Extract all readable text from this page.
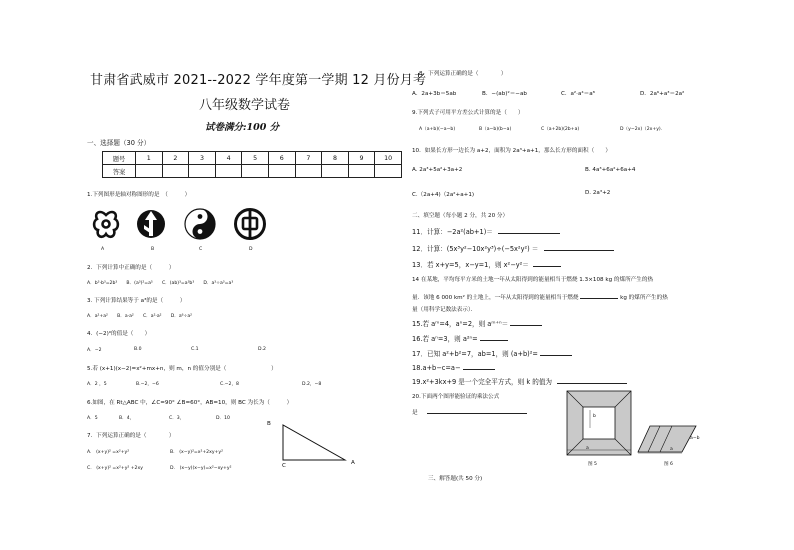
甘肃省武威市 2021--2022 学年度第一学期 12 月份月考
八年级数学试卷
试卷满分:100 分
一、选择题（30 分）
题号	1	2	3	4	5	6	7	8	9	10
答案										
1.下列图形是轴对称图形的是　（　　　）
A	B	C	D
2．下列计算中正确的是（　　　）
A．b³·b³=2b³　　B．(a³)²=a⁵　　C．(ab)³=a³b³　　D．a³÷a³=a³
3. 下列计算结果等于 a³的是（　　　）
A．a²+a²　　B．a·a²　　C．a²·a²　　D．a⁶÷a²
4．(−2)⁰的值是（　　）
A．−2	B.0	C.1	D.2
5.若 (x+1)(x−2)=x²+mx+n，则 m，n 的值分别是（　　　　　　　　）
A．2 ，5	B.−2，−6	C.−2，8	D.2，−8
6.如图，在 Rt△ABC 中，∠C=90° ∠B=60°，AB=10，则 BC 为长为（　　　）
A．5	B．4，	C．3，	D．10
7．下列运算正确的是（　　　　）
A.　(x+y)² =x²+y²	B.　(x−y)²=x²+2xy+y²
C.　(x+y)² =x²+y² +2xy	D.　(x−y)(x−y)=x²−xy+y²
B
C	A
8．下列运算正确的是（　　　　）
A．2a+3b＝5ab	B．−(ab)²＝−ab	C．a²·a⁴＝a⁸	D．2a⁶+a³＝2a²
9.下列式子可用平方差公式计算的是（　　）
A（a+b)(−a−b)	B（a−b)(b−a)	C（a+2b)(2b+a)	D（y−2x)（2x+y).
10．如果长方形一边长为 a+2，面积为 2a³+a+1，那么长方形的面积（　　）
A. 2a³+5a²+3a+2	B. 4a³+6a²+6a+4
C.（2a+4)（2a²+a+1)	D. 2a³+2
二、填空题（每小题 2 分，共 20 分）
11．计算：−2a²(ab+1)＝
12．计算：(5x³y²−10x²y³)÷(−5x²y²) ＝
13．若 x+y=5，x−y=1，则 x²−y²＝
14 在某地，平均每平方米的土地一年从太阳得到的能量相当于燃烧 1.3×108 kg 的煤所产生的热
量．该地 6 000 km² 的土地上，一年从太阳得到的能量相当于燃烧	kg 的煤所产生的热
量（用科学记数法表示）．
15.若 aᵐ=4，aⁿ=2，则 aᵐ⁺ⁿ＝
16.若 aⁿ=3，则 a²ⁿ=
17．已知 a²+b²=7，ab=1，则 (a+b)²=
18.a+b−c=a−
19.x²+3kx+9 是一个完全平方式，则 k 的值为
20.下面两个图形能验证的乘法公式
是
a
b
图 5
a
a−b
图 6
三、解答题(共 50 分)
